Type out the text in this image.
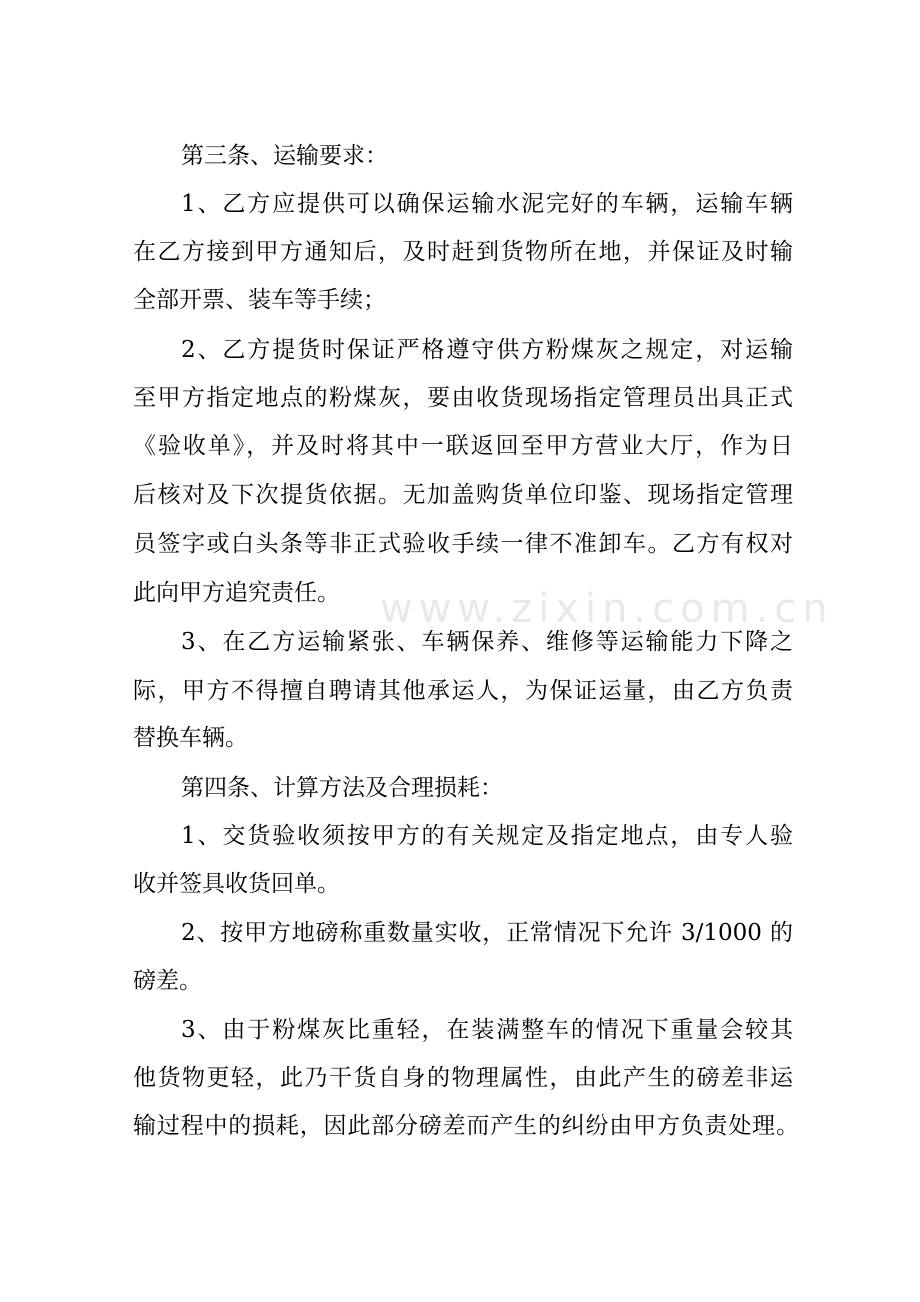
www.zixin.com.cn
第三条、运输要求：
1、乙方应提供可以确保运输水泥完好的车辆，运输车辆
在乙方接到甲方通知后，及时赶到货物所在地，并保证及时输
全部开票、装车等手续；
2、乙方提货时保证严格遵守供方粉煤灰之规定，对运输
至甲方指定地点的粉煤灰，要由收货现场指定管理员出具正式
《验收单》，并及时将其中一联返回至甲方营业大厅，作为日
后核对及下次提货依据。无加盖购货单位印鉴、现场指定管理
员签字或白头条等非正式验收手续一律不准卸车。乙方有权对
此向甲方追究责任。
3、在乙方运输紧张、车辆保养、维修等运输能力下降之
际，甲方不得擅自聘请其他承运人，为保证运量，由乙方负责
替换车辆。
第四条、计算方法及合理损耗：
1、交货验收须按甲方的有关规定及指定地点，由专人验
收并签具收货回单。
2、按甲方地磅称重数量实收，正常情况下允许 3/1000 的
磅差。
3、由于粉煤灰比重轻，在装满整车的情况下重量会较其
他货物更轻，此乃干货自身的物理属性，由此产生的磅差非运
输过程中的损耗，因此部分磅差而产生的纠纷由甲方负责处理。
